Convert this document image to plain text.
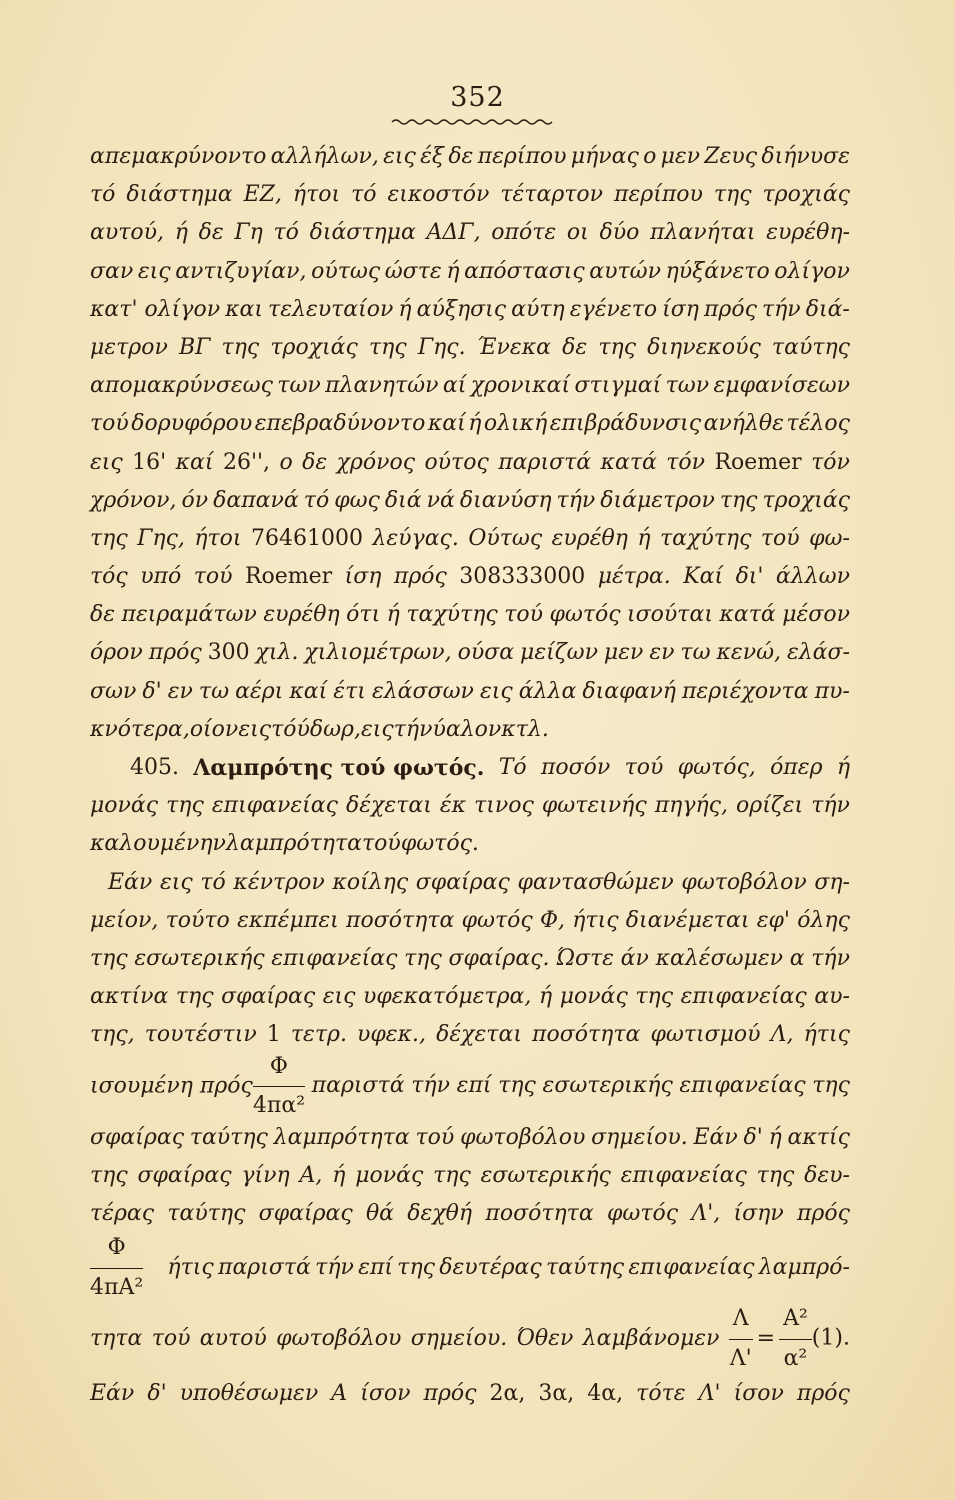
352
απεμακρύνοντο αλλήλων, εις έξ δε περίπου μήνας ο μεν Ζευς διήνυσε
τό διάστημα ΕΖ, ήτοι τό εικοστόν τέταρτον περίπου της τροχιάς
αυτού, ή δε Γη τό διάστημα ΑΔΓ, οπότε οι δύο πλανήται ευρέθη-
σαν εις αντιζυγίαν, ούτως ώστε ή απόστασις αυτών ηύξάνετο ολίγον
κατ' ολίγον και τελευταίον ή αύξησις αύτη εγένετο ίση πρός τήν διά-
μετρον ΒΓ της τροχιάς της Γης. Ένεκα δε της διηνεκούς ταύτης
απομακρύνσεως των πλανητών αί χρονικαί στιγμαί των εμφανίσεων
τού δορυφόρου επεβραδύνοντο καί ή ολική επιβράδυνσις ανήλθε τέλος
εις 16' καί 26'', ο δε χρόνος ούτος παριστά κατά τόν Roemer τόν
χρόνον, όν δαπανά τό φως διά νά διανύση τήν διάμετρον της τροχιάς
της Γης, ήτοι 76461000 λεύγας. Ούτως ευρέθη ή ταχύτης τού φω-
τός υπό τού Roemer ίση πρός 308333000 μέτρα. Καί δι' άλλων
δε πειραμάτων ευρέθη ότι ή ταχύτης τού φωτός ισούται κατά μέσον
όρον πρός 300 χιλ. χιλιομέτρων, ούσα μείζων μεν εν τω κενώ, ελάσ-
σων δ' εν τω αέρι καί έτι ελάσσων εις άλλα διαφανή περιέχοντα πυ-
κνότερα, οίον εις τό ύδωρ, εις τήν ύαλον κτλ.
405. Λαμπρότης τού φωτός. Τό ποσόν τού φωτός, όπερ ή
μονάς της επιφανείας δέχεται έκ τινος φωτεινής πηγής, ορίζει τήν
καλουμένην λαμπρότητα τού φωτός.
Εάν εις τό κέντρον κοίλης σφαίρας φαντασθώμεν φωτοβόλον ση-
μείον, τούτο εκπέμπει ποσότητα φωτός Φ, ήτις διανέμεται εφ' όλης
της εσωτερικής επιφανείας της σφαίρας. Ώστε άν καλέσωμεν α τήν
ακτίνα της σφαίρας εις υφεκατόμετρα, ή μονάς της επιφανείας αυ-
της, τουτέστιν 1 τετρ. υφεκ., δέχεται ποσότητα φωτισμού Λ, ήτις
ισουμένη πρός $\frac{\Phi}{\text{4πα²}}$ παριστά τήν επί της εσωτερικής επιφανείας της
σφαίρας ταύτης λαμπρότητα τού φωτοβόλου σημείου. Εάν δ' ή ακτίς
της σφαίρας γίνη Α, ή μονάς της εσωτερικής επιφανείας της δευ-
τέρας ταύτης σφαίρας θά δεχθή ποσότητα φωτός Λ', ίσην πρός
$\frac{\Phi}{\text{4πΑ²}}$ ήτις παριστά τήν επί της δευτέρας ταύτης επιφανείας λαμπρό-
τητα τού αυτού φωτοβόλου σημείου. Όθεν λαμβάνομεν $\frac{\Lambda}{\Lambda'} = \frac{\text{Α²}}{\text{α²}} (1)$.
Εάν δ' υποθέσωμεν Α ίσον πρός 2α, 3α, 4α, τότε Λ' ίσον πρός
